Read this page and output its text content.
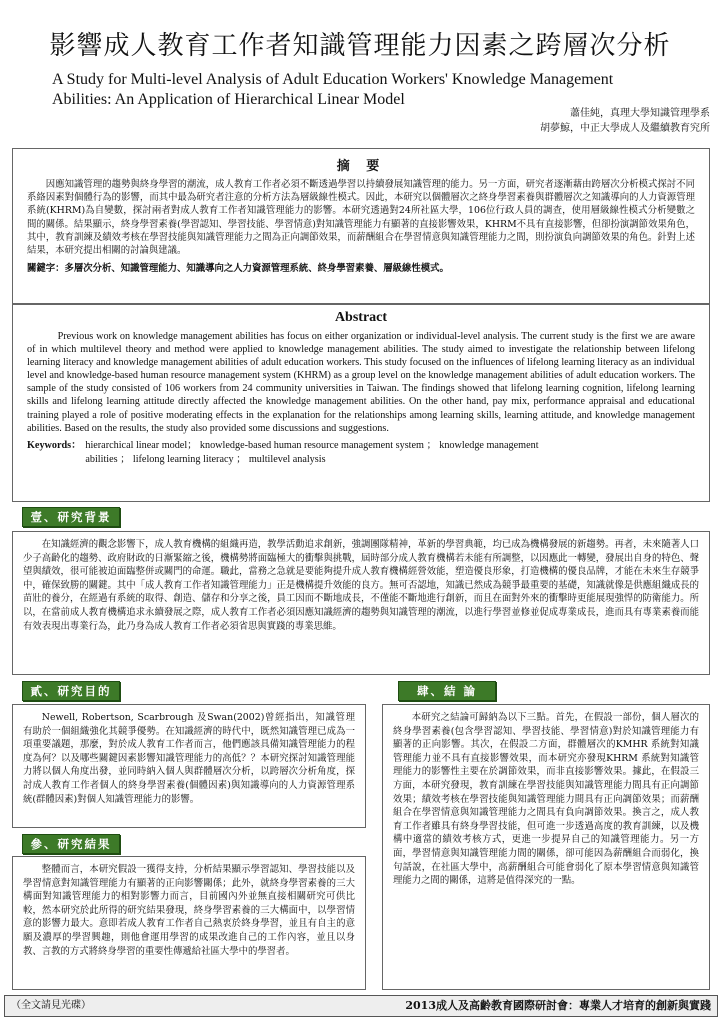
影響成人教育工作者知識管理能力因素之跨層次分析
A Study for Multi-level Analysis of Adult Education Workers' Knowledge Management
Abilities: An Application of Hierarchical Linear Model
蕭佳純，真理大學知識管理學系
胡夢鯨，中正大學成人及繼續教育究所
摘 要
因應知識管理的趨勢與終身學習的潮流，成人教育工作者必須不斷透過學習以持續發展知識管理的能力。另一方面，研究者逐漸藉由跨層次分析模式探討不同系絡因素對個體行為的影響，而其中最為研究者注意的分析方法為層級線性模式。因此，本研究以個體層次之終身學習素養與群體層次之知識導向的人力資源管理系統(KHRM)為自變數，探討兩者對成人教育工作者知識管理能力的影響。本研究透過對24所社區大學，106位行政人員的調查，使用層級線性模式分析變數之間的關係。結果顯示，終身學習素養(學習認知、學習技能、學習情意)對知識管理能力有顯著的直接影響效果，KHRM不具有直接影響，但卻扮演調節效果角色，其中，教育訓練及績效考核在學習技能與知識管理能力之間為正向調節效果，而薪酬組合在學習情意與知識管理能力之間，則扮演負向調節效果的角色。針對上述結果，本研究提出相關的討論與建議。
關鍵字：多層次分析、知識管理能力、知識導向之人力資源管理系統、終身學習素養、層級線性模式。
Abstract
Previous work on knowledge management abilities has focus on either organization or individual-level analysis. The current study is the first we are aware of in which multilevel theory and method were applied to knowledge management abilities. The study aimed to investigate the relationship between lifelong learning literacy and knowledge management abilities of adult education workers. This study focused on the influences of lifelong learning literacy as an individual level and knowledge-based human resource management system (KHRM) as a group level on the knowledge management abilities of adult education workers. The sample of the study consisted of 106 workers from 24 community universities in Taiwan. The findings showed that lifelong learning cognition, lifelong learning skills and lifelong learning attitude directly affected the knowledge management abilities. On the other hand, pay mix, performance appraisal and educational training played a role of positive moderating effects in the explanation for the relationships among learning skills, learning attitude, and knowledge management abilities. Based on the results, the study also provided some discussions and suggestions.
Keywords： hierarchical linear model； knowledge-based human resource management system ； knowledge management
abilities ； lifelong learning literacy ； multilevel analysis
壹、研究背景
在知識經濟的觀念影響下，成人教育機構的組織再造，教學活動追求創新，強調團隊精神，革新的學習典範，均已成為機構發展的新趨勢。再者，未來隨著人口少子高齡化的趨勢、政府財政的日漸緊縮之後，機構勢將面臨極大的衝擊與挑戰，屆時部分成人教育機構若未能有所調整，以因應此一轉變，發展出自身的特色、聲望與績效，很可能被迫面臨整併或關門的命運。職此，當務之急就是要能夠提升成人教育機構經營效能，塑造優良形象，打造機構的優良品牌，才能在未來生存競爭中，確保致勝的關鍵。其中「成人教育工作者知識管理能力」正是機構提升效能的良方。無可否認地，知識已然成為競爭最重要的基礎，知識就像是供應組織成長的苗壯的養分，在經過有系統的取得、創造、儲存和分享之後，員工因而不斷地成長，不僅能不斷地進行創新，而且在面對外來的衝擊時更能展現強悍的防衛能力。所以，在當前成人教育機構追求永續發展之際，成人教育工作者必須因應知識經濟的趨勢與知識管理的潮流，以進行學習並修並促成專業成長，進而具有專業素養而能有效表現出專業行為，此乃身為成人教育工作者必須省思與實踐的專業思維。
貳、研究目的
Newell, Robertson, Scarbrough 及Swan(2002)曾經指出，知識管理有助於一個組織強化其競爭優勢。在知識經濟的時代中，既然知識管理已成為一項重要議題，那麼，對於成人教育工作者而言，他們應該具備知識管理能力的程度為何？以及哪些關鍵因素影響知識管理能力的高低？？本研究探討知識管理能力將以個人角度出發，並同時納入個人與群體層次分析，以跨層次分析角度，探討成人教育工作者個人的終身學習素養(個體因素)與知識導向的人力資源管理系統(群體因素)對個人知識管理能力的影響。
參、研究結果
整體而言，本研究假設一獲得支持，分析結果顯示學習認知、學習技能以及學習情意對知識管理能力有顯著的正向影響關係；此外，就終身學習素養的三大構面對知識管理能力的相對影響力而言，目前國內外並無直接相關研究可供比較，然本研究於此所得的研究結果發現，終身學習素養的三大構面中，以學習情意的影響力最大。意即若成人教育工作者自己熱衷於終身學習，並且有自主的意願及濃厚的學習興趣，則他會運用學習的成果改進自己的工作內容，並且以身教、言教的方式將終身學習的重要性傳遞給社區大學中的學習者。
肆、結 論
本研究之結論可歸納為以下三點。首先，在假設一部份，個人層次的終身學習素養(包含學習認知、學習技能、學習情意)對於知識管理能力有顯著的正向影響。其次，在假設二方面，群體層次的KMHR 系統對知識管理能力並不具有直接影響效果，而本研究亦發現KHRM 系統對知識管理能力的影響性主要在於調節效果，而非直接影響效果。據此，在假設三方面，本研究發現，教育訓練在學習技能與知識管理能力間具有正向調節效果；績效考核在學習技能與知識管理能力間具有正向調節效果；而薪酬組合在學習情意與知識管理能力之間具有負向調節效果。換言之，成人教育工作者雖具有終身學習技能，但可進一步透過高度的教育訓練，以及機構中適當的績效考核方式，更進一步提昇自己的知識管理能力。另一方面，學習情意與知識管理能力間的關係，卻可能因為薪酬組合而弱化，換句話說，在社區大學中，高薪酬組合可能會弱化了原本學習情意與知識管理能力之間的關係，這將是值得深究的一點。
（全文請見光碟）	2013成人及高齡教育國際研討會：專業人才培育的創新與實踐
